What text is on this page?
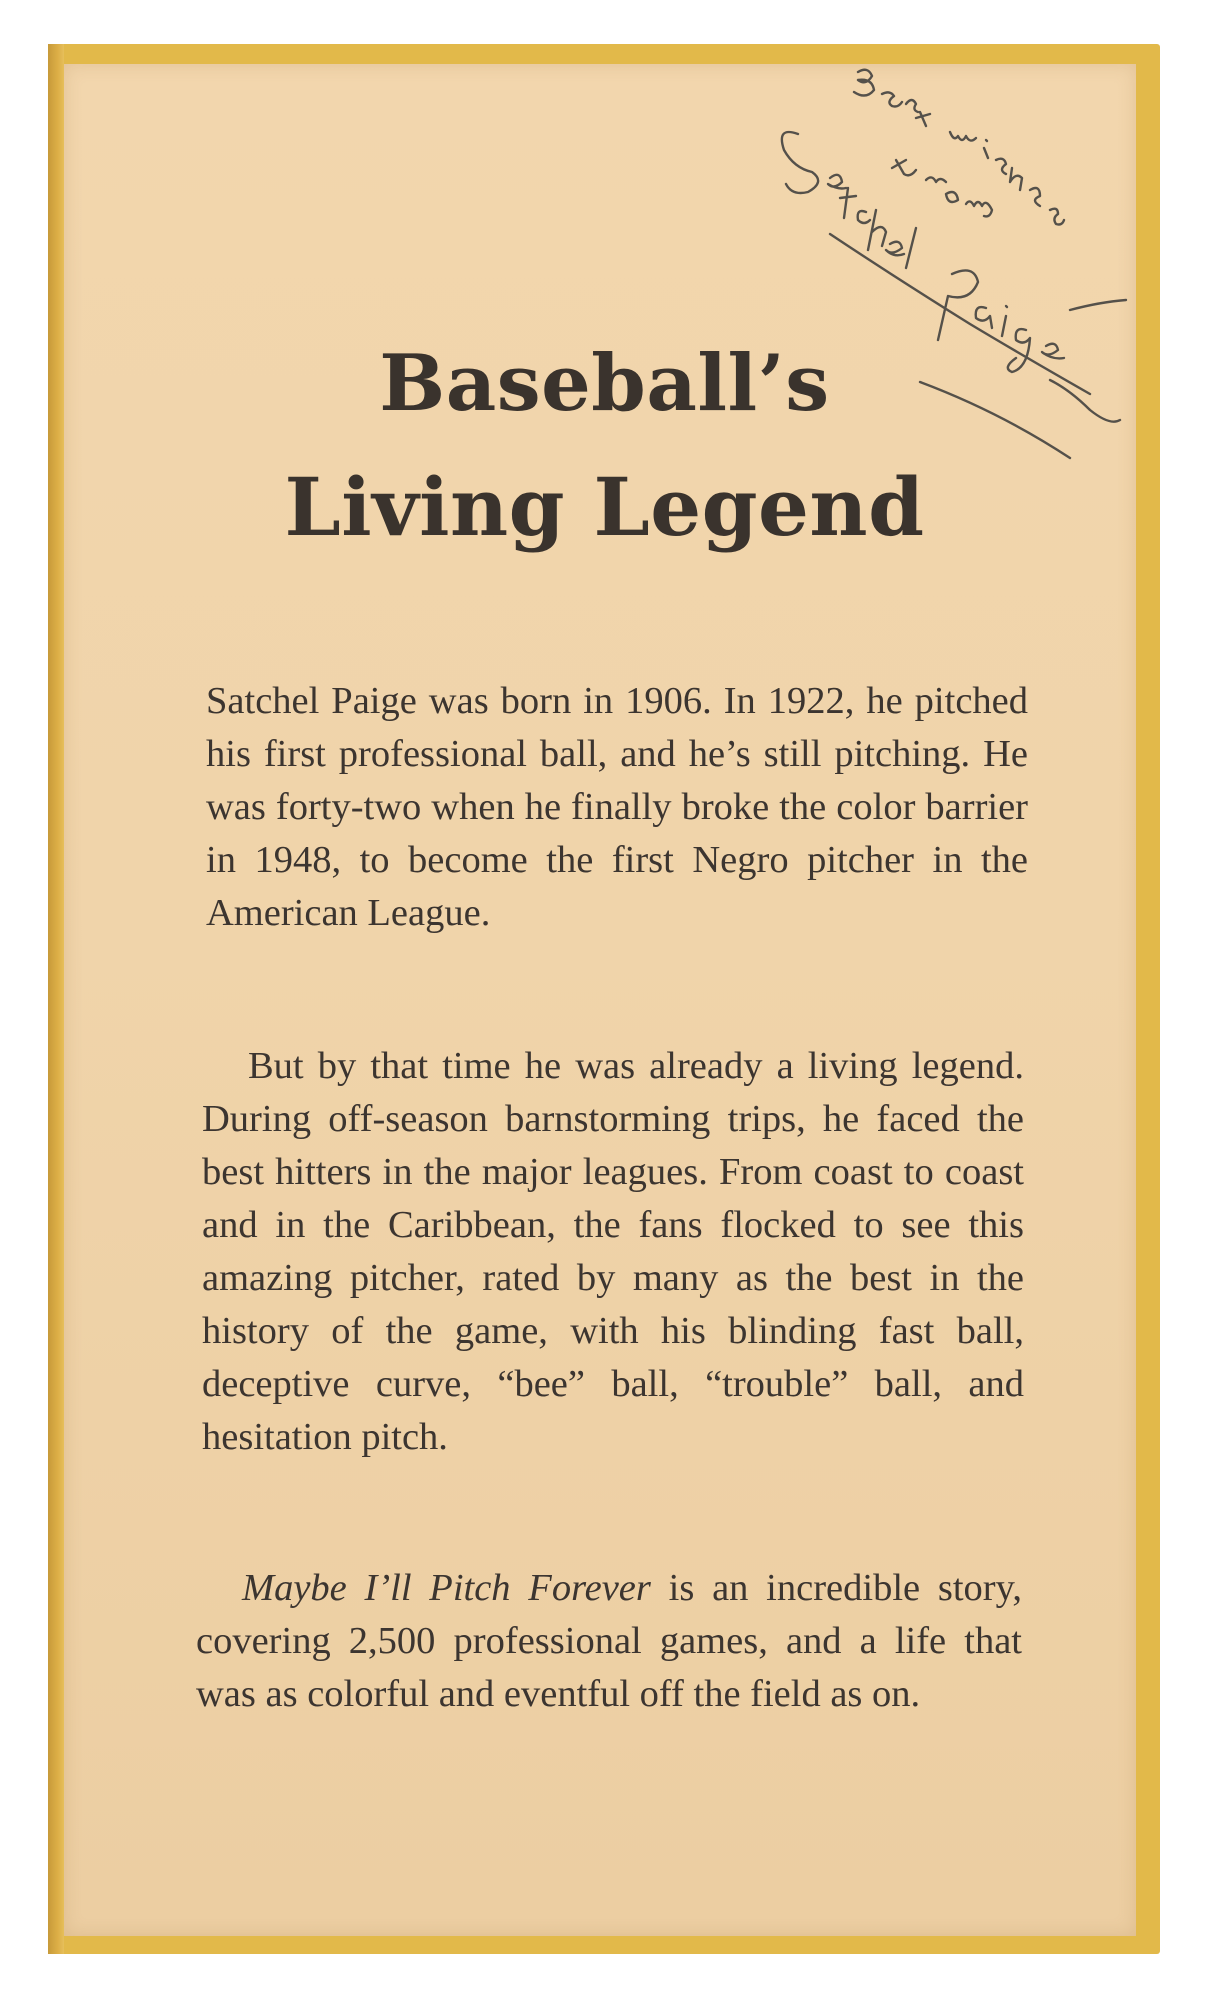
Baseball’s
Living Legend

Satchel Paige was born in 1906. In 1922, he pitched his first professional ball, and he’s still pitching. He was forty-two when he finally broke the color barrier in 1948, to become the first Negro pitcher in the American League.

But by that time he was already a living legend. During off-season barnstorming trips, he faced the best hitters in the major leagues. From coast to coast and in the Caribbean, the fans flocked to see this amazing pitcher, rated by many as the best in the history of the game, with his blinding fast ball, deceptive curve, “bee” ball, “trouble” ball, and hesitation pitch.

Maybe I’ll Pitch Forever is an incredible story, covering 2,500 professional games, and a life that was as colorful and eventful off the field as on.
